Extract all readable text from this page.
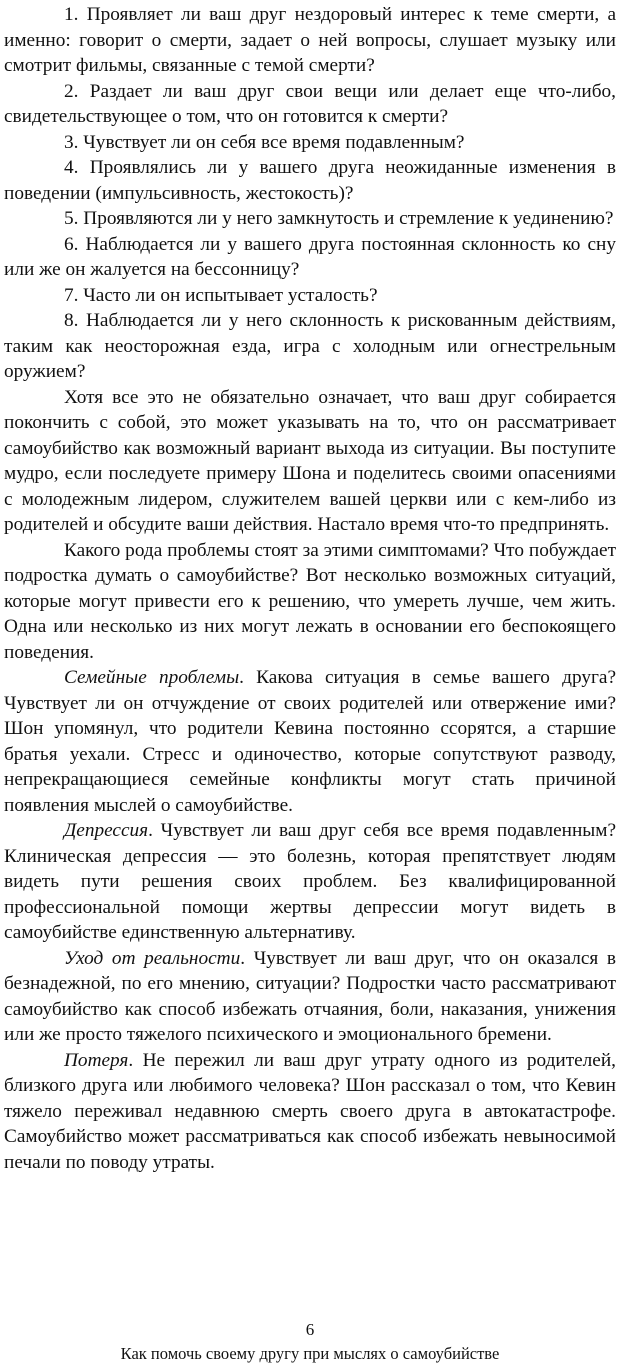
1. Проявляет ли ваш друг нездоровый интерес к теме смерти, а именно: говорит о смерти, задает о ней вопросы, слушает музыку или смотрит фильмы, связанные с темой смерти?

2. Раздает ли ваш друг свои вещи или делает еще что-либо, свидетельствующее о том, что он готовится к смерти?

3. Чувствует ли он себя все время подавленным?

4. Проявлялись ли у вашего друга неожиданные изменения в поведении (импульсивность, жестокость)?

5. Проявляются ли у него замкнутость и стремление к уединению?

6. Наблюдается ли у вашего друга постоянная склонность ко сну или же он жалуется на бессонницу?

7. Часто ли он испытывает усталость?

8. Наблюдается ли у него склонность к рискованным действиям, таким как неосторожная езда, игра с холодным или огнестрельным оружием?

Хотя все это не обязательно означает, что ваш друг собирается покончить с собой, это может указывать на то, что он рассматривает самоубийство как возможный вариант выхода из ситуации. Вы поступите мудро, если последуете примеру Шона и поделитесь своими опасениями с молодежным лидером, служителем вашей церкви или с кем-либо из родителей и обсудите ваши действия. Настало время что-то предпринять.

Какого рода проблемы стоят за этими симптомами? Что побуждает подростка думать о самоубийстве? Вот несколько возможных ситуаций, которые могут привести его к решению, что умереть лучше, чем жить. Одна или несколько из них могут лежать в основании его беспокоящего поведения.

Семейные проблемы. Какова ситуация в семье вашего друга? Чувствует ли он отчуждение от своих родителей или отвержение ими? Шон упомянул, что родители Кевина постоянно ссорятся, а старшие братья уехали. Стресс и одиночество, которые сопутствуют разводу, непрекращающиеся семейные конфликты могут стать причиной появления мыслей о самоубийстве.

Депрессия. Чувствует ли ваш друг себя все время подавленным? Клиническая депрессия — это болезнь, которая препятствует людям видеть пути решения своих проблем. Без квалифицированной профессиональной помощи жертвы депрессии могут видеть в самоубийстве единственную альтернативу.

Уход от реальности. Чувствует ли ваш друг, что он оказался в безнадежной, по его мнению, ситуации? Подростки часто рассматривают самоубийство как способ избежать отчаяния, боли, наказания, унижения или же просто тяжелого психического и эмоционального бремени.

Потеря. Не пережил ли ваш друг утрату одного из родителей, близкого друга или любимого человека? Шон рассказал о том, что Кевин тяжело переживал недавнюю смерть своего друга в автокатастрофе. Самоубийство может рассматриваться как способ избежать невыносимой печали по поводу утраты.

6
Как помочь своему другу при мыслях о самоубийстве
